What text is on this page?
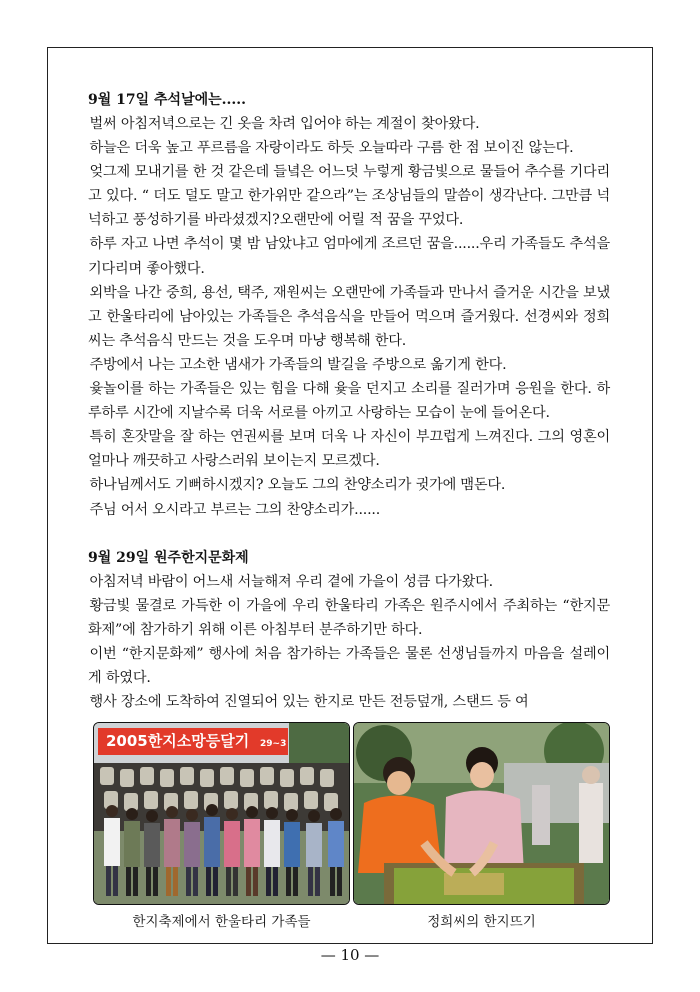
9월 17일 추석날에는.....

벌써 아침저녁으로는 긴 옷을 차려 입어야 하는 계절이 찾아왔다.

하늘은 더욱 높고 푸르름을 자랑이라도 하듯 오늘따라 구름 한 점 보이진 않는다.

엊그제 모내기를 한 것 같은데 들녘은 어느덧 누렇게 황금빛으로 물들어 추수를 기다리고 있다. “ 더도 덜도 말고 한가위만 같으라”는 조상님들의 말씀이 생각난다. 그만큼 넉넉하고 풍성하기를 바라셨겠지?오랜만에 어릴 적 꿈을 꾸었다.

하루 자고 나면 추석이 몇 밤 남았냐고 엄마에게 조르던 꿈을......우리 가족들도 추석을 기다리며 좋아했다.

외박을 나간 중희, 용선, 택주, 재원씨는 오랜만에 가족들과 만나서 즐거운 시간을 보냈고 한울타리에 남아있는 가족들은 추석음식을 만들어 먹으며 즐거웠다. 선경씨와 정희씨는 추석음식 만드는 것을 도우며 마냥 행복해 한다.

주방에서 나는 고소한 냄새가 가족들의 발길을 주방으로 옮기게 한다.

윷놀이를 하는 가족들은 있는 힘을 다해 윷을 던지고 소리를 질러가며 응원을 한다. 하루하루 시간에 지날수록 더욱 서로를 아끼고 사랑하는 모습이 눈에 들어온다.

특히 혼잣말을 잘 하는 연권씨를 보며 더욱 나 자신이 부끄럽게 느껴진다. 그의 영혼이 얼마나 깨끗하고 사랑스러워 보이는지 모르겠다.

하나님께서도 기뻐하시겠지? 오늘도 그의 찬양소리가 귓가에 맴돈다.

주님 어서 오시라고 부르는 그의 찬양소리가......

9월 29일 원주한지문화제

아침저녁 바람이 어느새 서늘해져 우리 곁에 가을이 성큼 다가왔다.

황금빛 물결로 가득한 이 가을에 우리 한울타리 가족은 원주시에서 주최하는 “한지문화제”에 참가하기 위해 이른 아침부터 분주하기만 하다.

이번 “한지문화제” 행사에 처음 참가하는 가족들은 물론 선생님들까지 마음을 설레이게 하였다.

행사 장소에 도착하여 진열되어 있는 한지로 만든 전등덮개, 스탠드 등 여

2005한지소망등달기 29~3
한지축제에서 한울타리 가족들	정희씨의 한지뜨기
— 10 —
